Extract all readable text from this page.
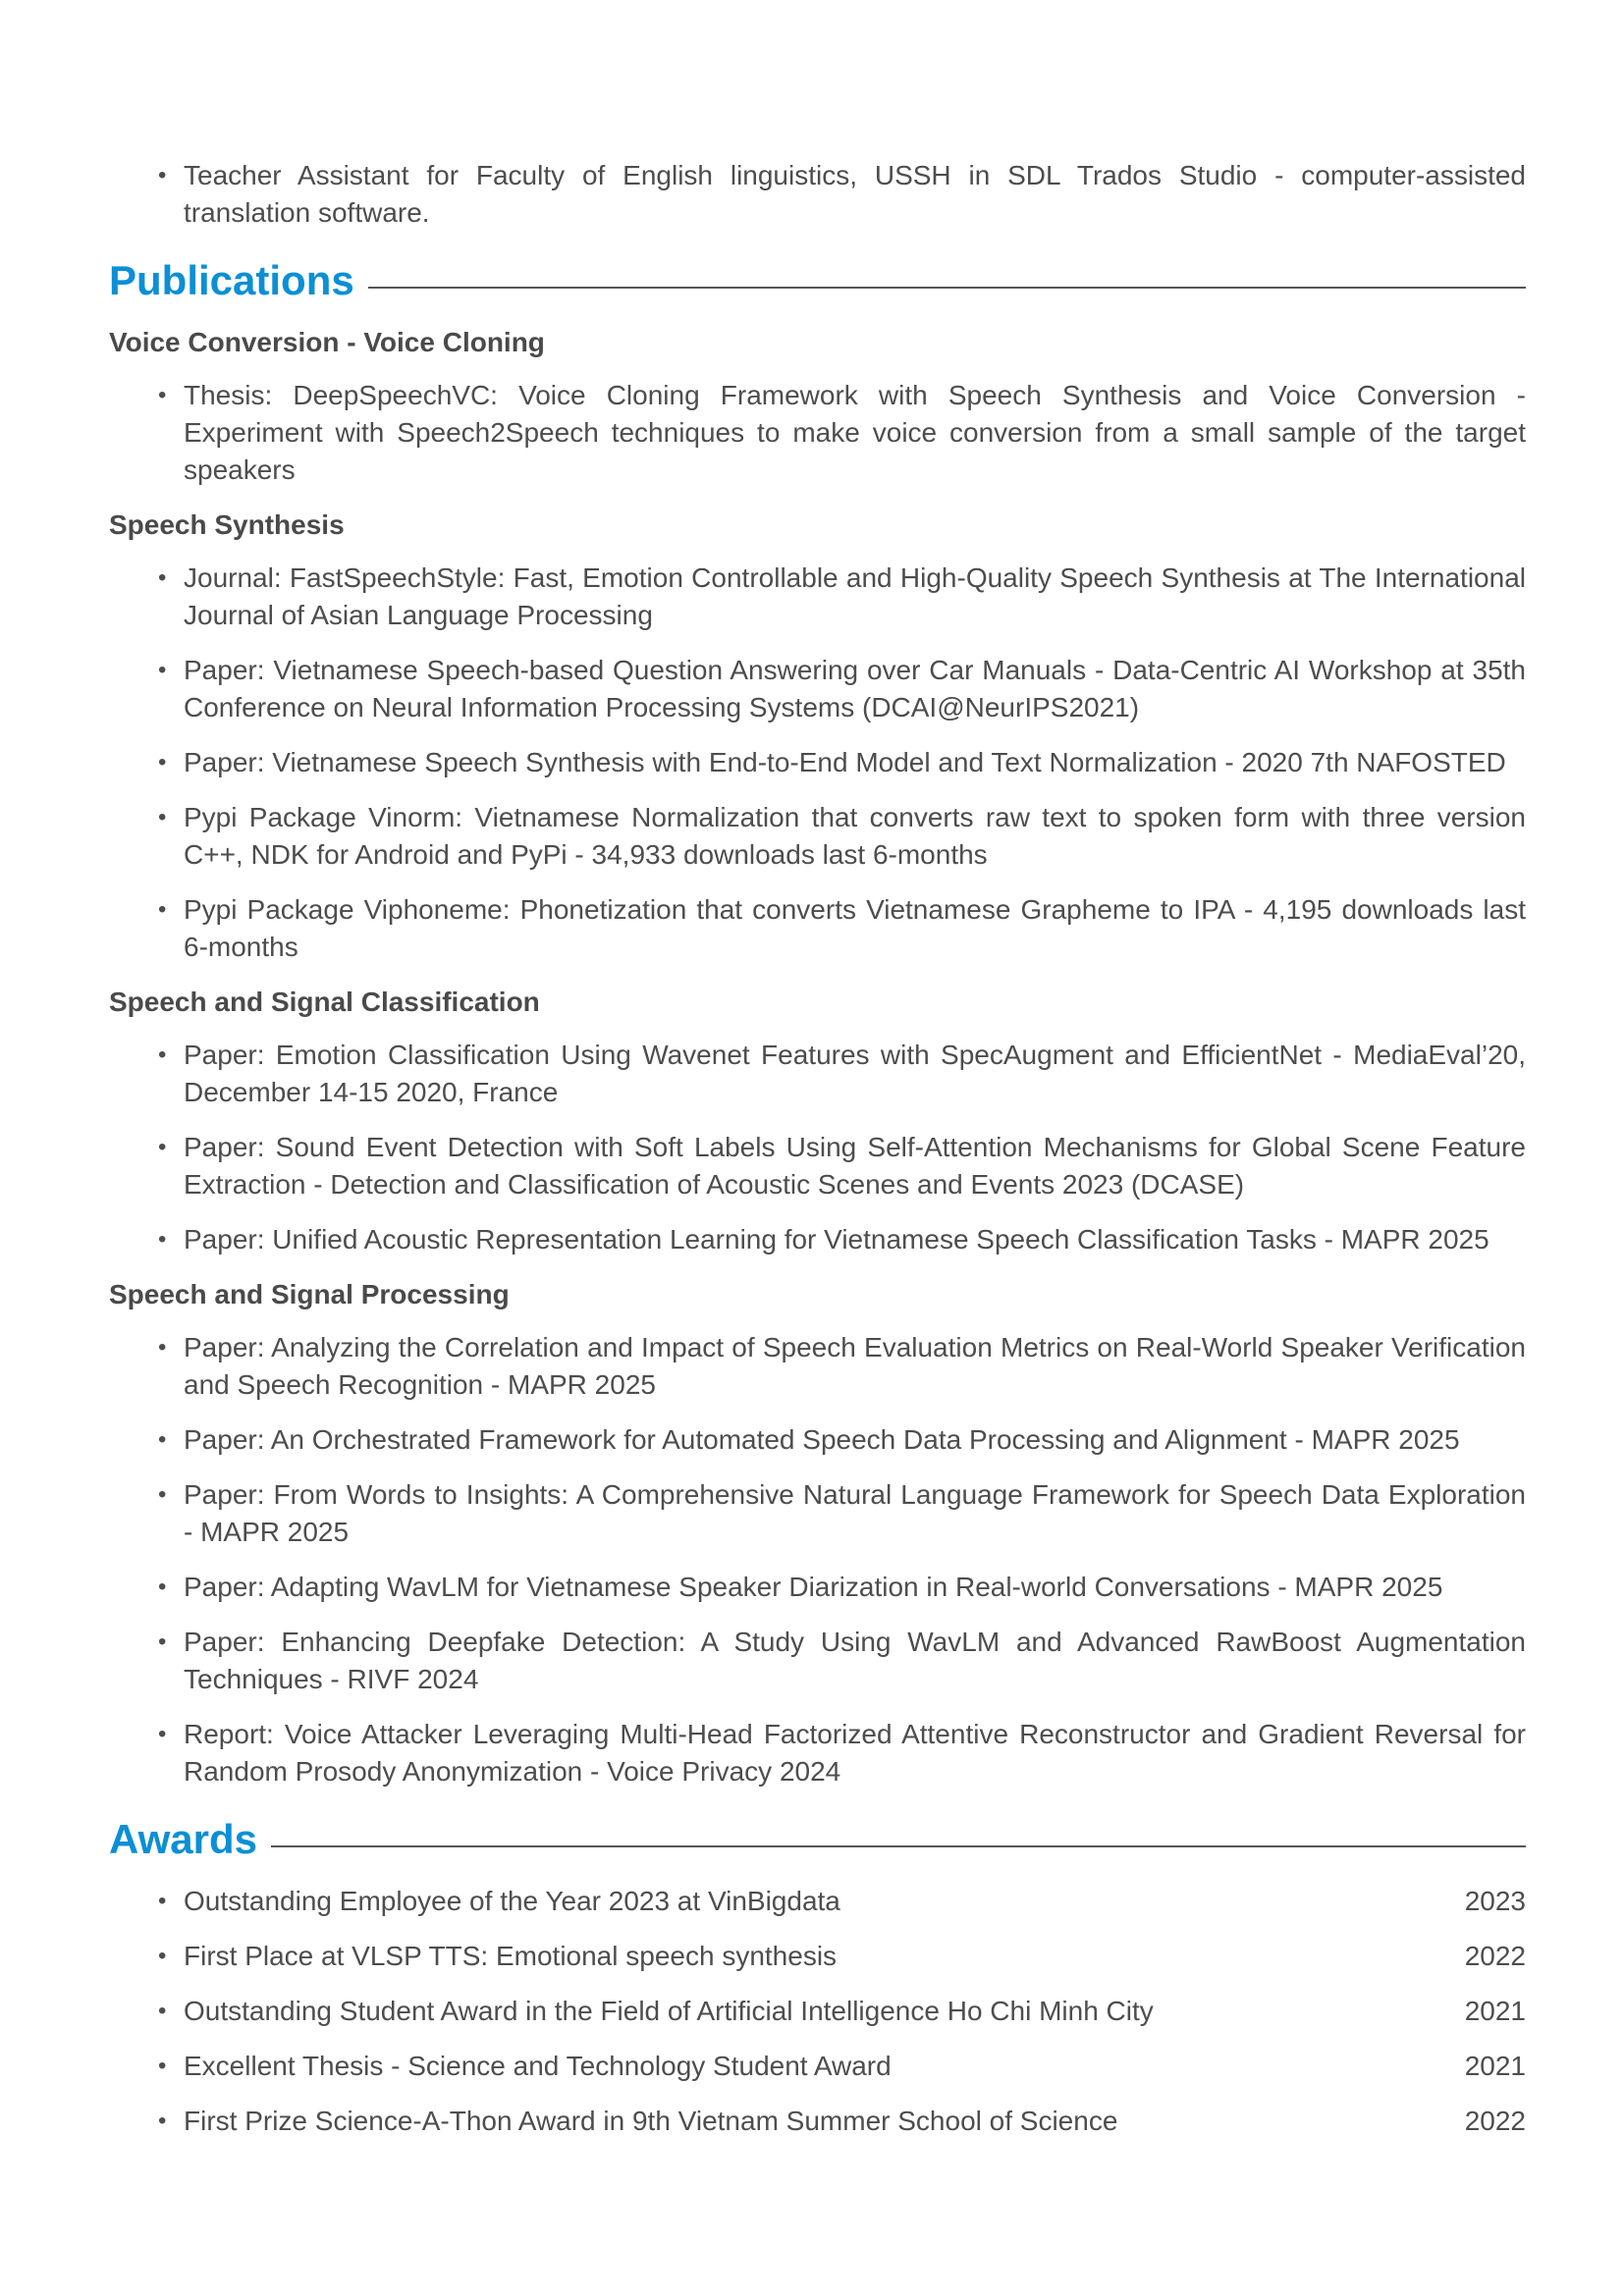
• Teacher Assistant for Faculty of English linguistics, USSH in SDL Trados Studio - computer-assisted translation software.
Publications
Voice Conversion - Voice Cloning
• Thesis: DeepSpeechVC: Voice Cloning Framework with Speech Synthesis and Voice Conversion - Experiment with Speech2Speech techniques to make voice conversion from a small sample of the target speakers
Speech Synthesis
• Journal: FastSpeechStyle: Fast, Emotion Controllable and High-Quality Speech Synthesis at The International Journal of Asian Language Processing
• Paper: Vietnamese Speech-based Question Answering over Car Manuals - Data-Centric AI Workshop at 35th Conference on Neural Information Processing Systems (DCAI@NeurIPS2021)
• Paper: Vietnamese Speech Synthesis with End-to-End Model and Text Normalization - 2020 7th NAFOSTED
• Pypi Package Vinorm: Vietnamese Normalization that converts raw text to spoken form with three version C++, NDK for Android and PyPi - 34,933 downloads last 6-months
• Pypi Package Viphoneme: Phonetization that converts Vietnamese Grapheme to IPA - 4,195 downloads last 6-months
Speech and Signal Classification
• Paper: Emotion Classification Using Wavenet Features with SpecAugment and EfficientNet - MediaEval’20, December 14-15 2020, France
• Paper: Sound Event Detection with Soft Labels Using Self-Attention Mechanisms for Global Scene Feature Extraction - Detection and Classification of Acoustic Scenes and Events 2023 (DCASE)
• Paper: Unified Acoustic Representation Learning for Vietnamese Speech Classification Tasks - MAPR 2025
Speech and Signal Processing
• Paper: Analyzing the Correlation and Impact of Speech Evaluation Metrics on Real-World Speaker Verification and Speech Recognition - MAPR 2025
• Paper: An Orchestrated Framework for Automated Speech Data Processing and Alignment - MAPR 2025
• Paper: From Words to Insights: A Comprehensive Natural Language Framework for Speech Data Exploration - MAPR 2025
• Paper: Adapting WavLM for Vietnamese Speaker Diarization in Real-world Conversations - MAPR 2025
• Paper: Enhancing Deepfake Detection: A Study Using WavLM and Advanced RawBoost Augmentation Techniques - RIVF 2024
• Report: Voice Attacker Leveraging Multi-Head Factorized Attentive Reconstructor and Gradient Reversal for Random Prosody Anonymization - Voice Privacy 2024
Awards
• Outstanding Employee of the Year 2023 at VinBigdata	2023
• First Place at VLSP TTS: Emotional speech synthesis	2022
• Outstanding Student Award in the Field of Artificial Intelligence Ho Chi Minh City	2021
• Excellent Thesis - Science and Technology Student Award	2021
• First Prize Science-A-Thon Award in 9th Vietnam Summer School of Science	2022
